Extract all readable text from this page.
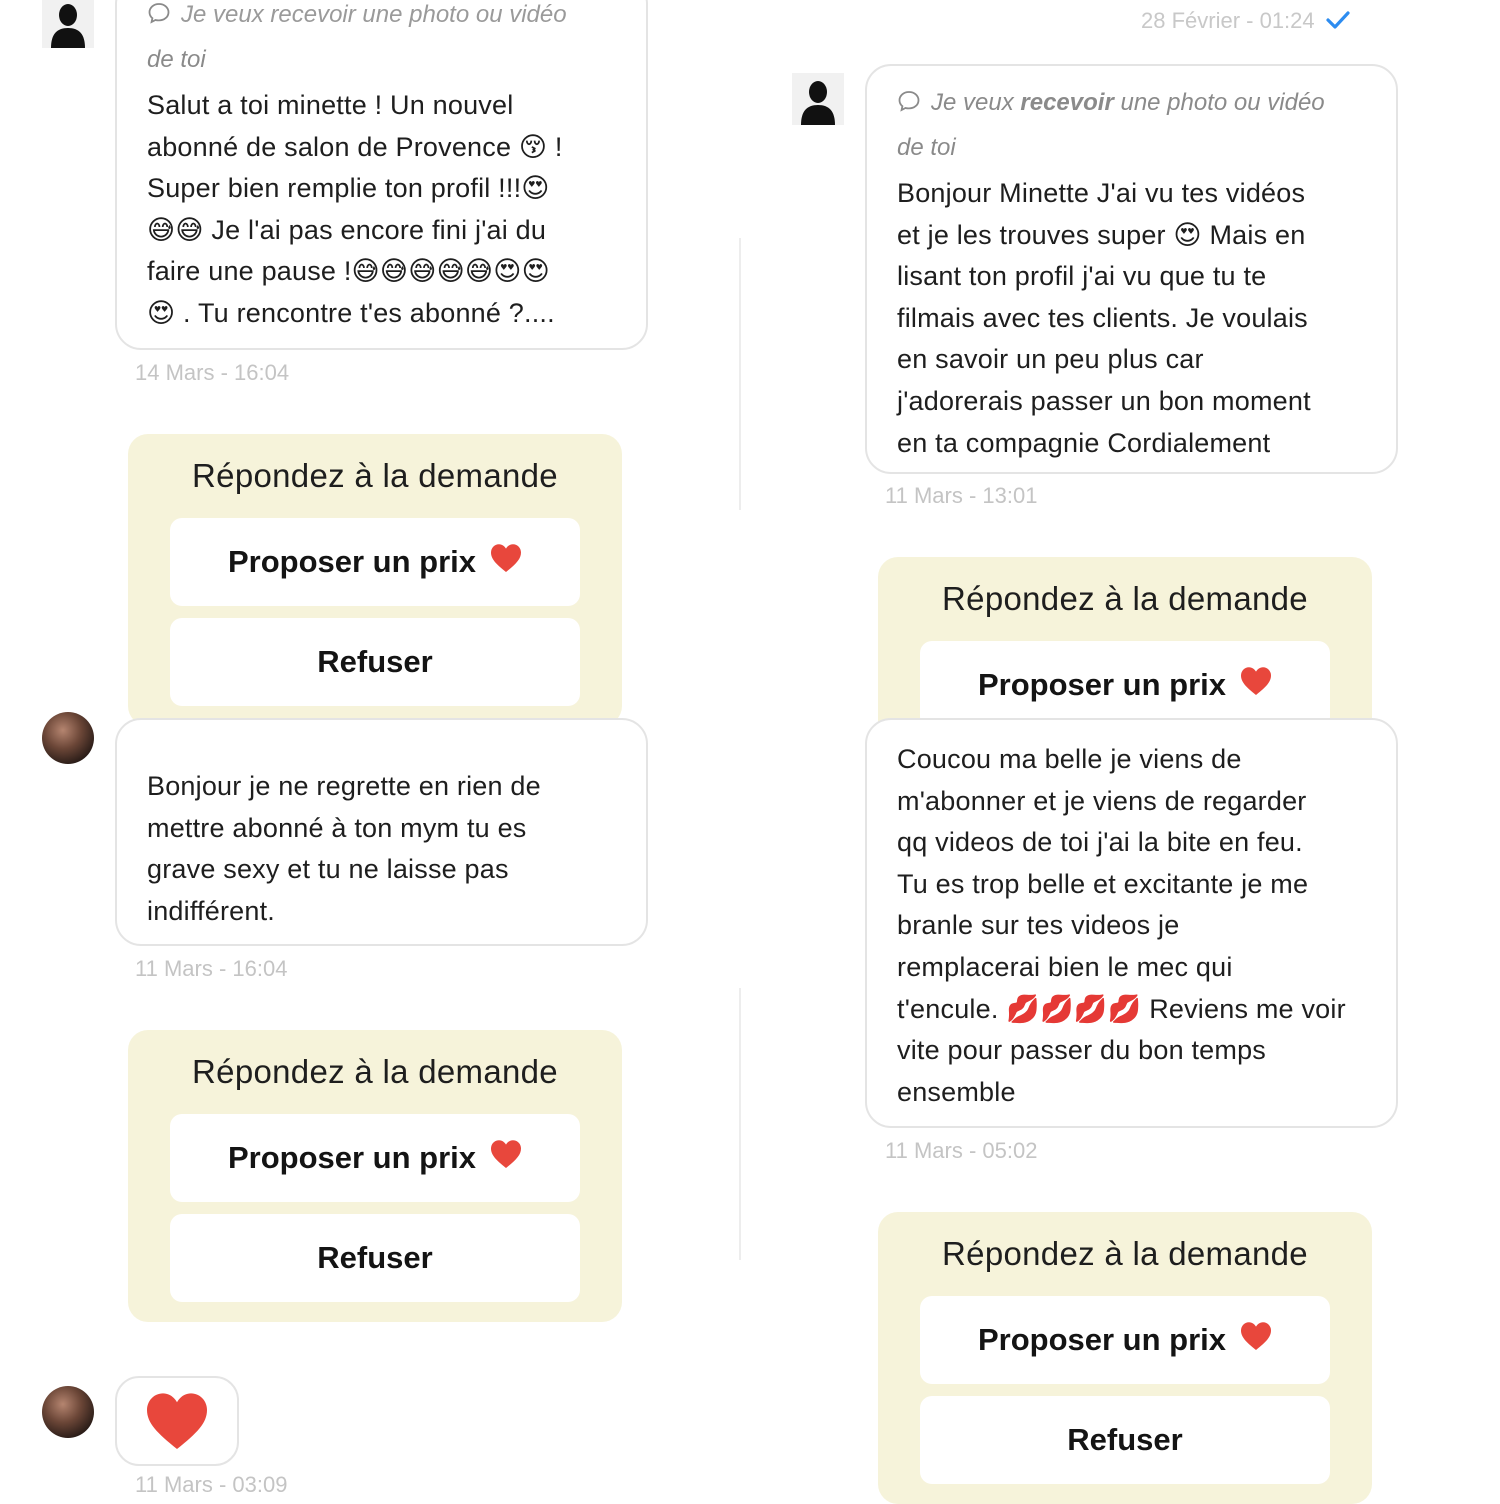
Je veux recevoir une photo ou vidéo
de toi
Salut a toi minette ! Un nouvel
abonné de salon de Provence 😚 !
Super bien remplie ton profil !!!😍
😅😅 Je l'ai pas encore fini j'ai du
faire une pause !😅😅😅😅😅😍😍
😍 . Tu rencontre t'es abonné ?....
14 Mars - 16:04
Répondez à la demande
Proposer un prix
Refuser
28 Février - 01:24
Je veux recevoir une photo ou vidéo
de toi
Bonjour Minette J'ai vu tes vidéos
et je les trouves super 😍 Mais en
lisant ton profil j'ai vu que tu te
filmais avec tes clients. Je voulais
en savoir un peu plus car
j'adorerais passer un bon moment
en ta compagnie Cordialement
11 Mars - 13:01
Répondez à la demande
Proposer un prix
Bonjour je ne regrette en rien de
mettre abonné à ton mym tu es
grave sexy et tu ne laisse pas
indifférent.
11 Mars - 16:04
Répondez à la demande
Proposer un prix
Refuser
11 Mars - 03:09
Coucou ma belle je viens de
m'abonner et je viens de regarder
qq videos de toi j'ai la bite en feu.
Tu es trop belle et excitante je me
branle sur tes videos je
remplacerai bien le mec qui
t'encule. 💋💋💋💋 Reviens me voir
vite pour passer du bon temps
ensemble
11 Mars - 05:02
Répondez à la demande
Proposer un prix
Refuser
